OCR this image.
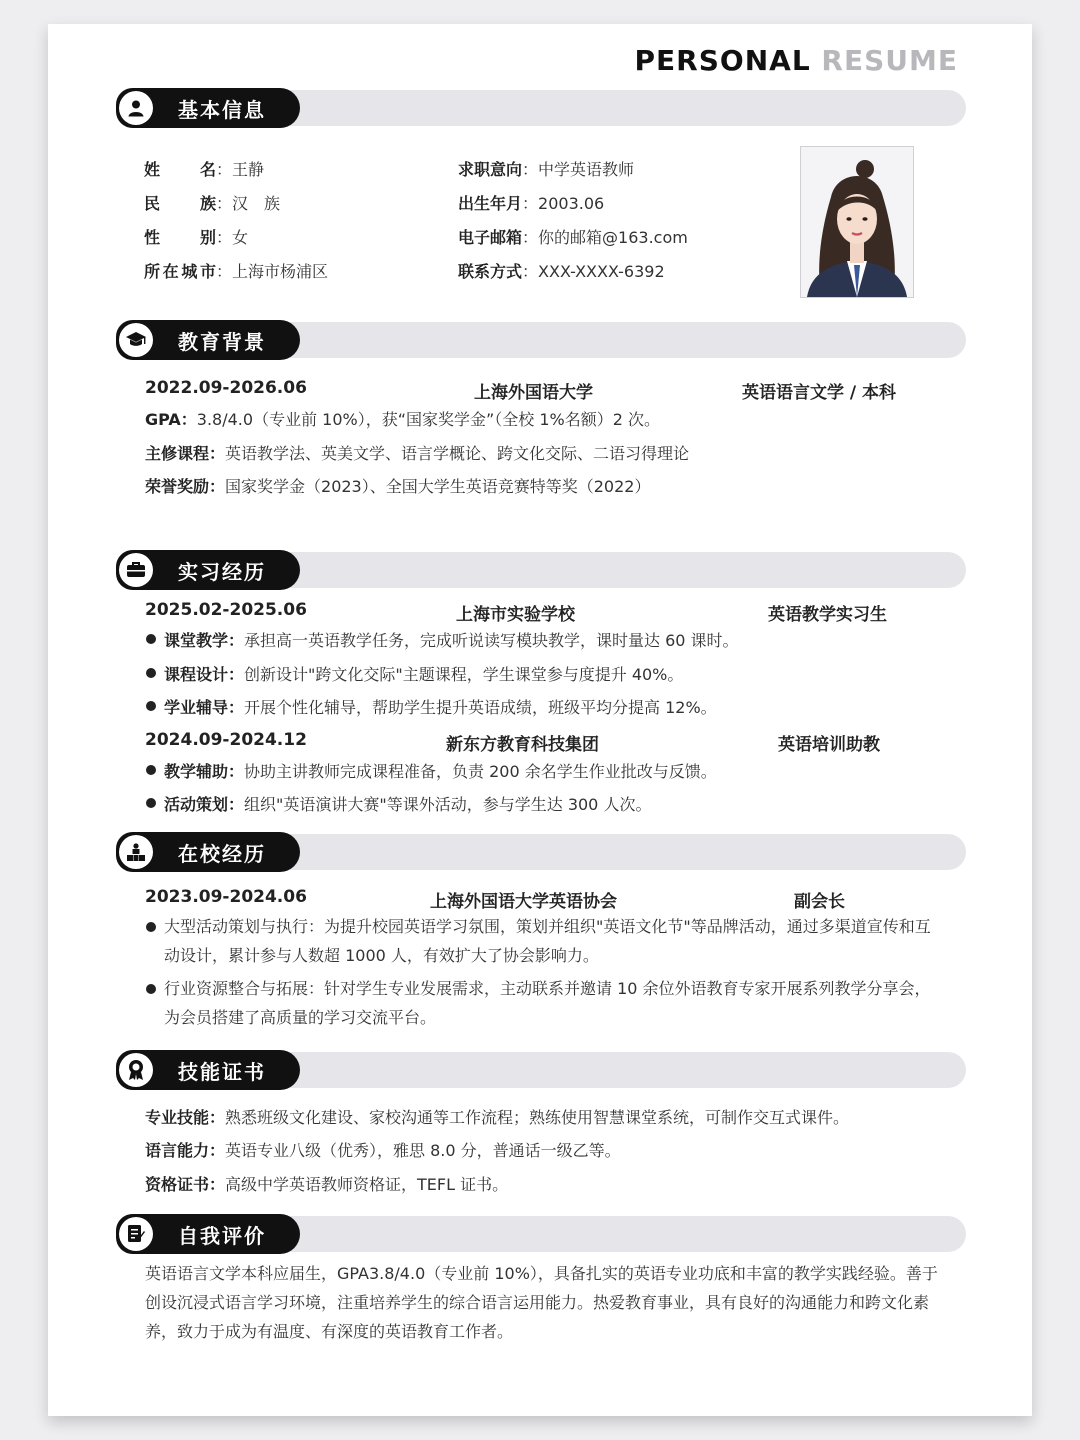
PERSONAL RESUME
基本信息
姓　名：王静
民　族：汉　族
性　别：女
所在城市：上海市杨浦区
求职意向：中学英语教师
出生年月：2003.06
电子邮箱：你的邮箱@163.com
联系方式：XXX-XXXX-6392
教育背景
2022.09-2026.06	上海外国语大学	英语语言文学 / 本科
GPA：3.8/4.0（专业前 10%），获“国家奖学金”（全校 1%名额）2 次。
主修课程：英语教学法、英美文学、语言学概论、跨文化交际、二语习得理论
荣誉奖励：国家奖学金（2023）、全国大学生英语竞赛特等奖（2022）
实习经历
2025.02-2025.06	上海市实验学校	英语教学实习生
课堂教学：承担高一英语教学任务，完成听说读写模块教学，课时量达 60 课时。
课程设计：创新设计"跨文化交际"主题课程，学生课堂参与度提升 40%。
学业辅导：开展个性化辅导，帮助学生提升英语成绩，班级平均分提高 12%。
2024.09-2024.12	新东方教育科技集团	英语培训助教
教学辅助：协助主讲教师完成课程准备，负责 200 余名学生作业批改与反馈。
活动策划：组织"英语演讲大赛"等课外活动，参与学生达 300 人次。
在校经历
2023.09-2024.06	上海外国语大学英语协会	副会长
大型活动策划与执行：为提升校园英语学习氛围，策划并组织"英语文化节"等品牌活动，通过多渠道宣传和互
动设计，累计参与人数超 1000 人，有效扩大了协会影响力。
行业资源整合与拓展：针对学生专业发展需求，主动联系并邀请 10 余位外语教育专家开展系列教学分享会，
为会员搭建了高质量的学习交流平台。
技能证书
专业技能：熟悉班级文化建设、家校沟通等工作流程；熟练使用智慧课堂系统，可制作交互式课件。
语言能力：英语专业八级（优秀），雅思 8.0 分，普通话一级乙等。
资格证书：高级中学英语教师资格证，TEFL 证书。
自我评价
英语语言文学本科应届生，GPA3.8/4.0（专业前 10%），具备扎实的英语专业功底和丰富的教学实践经验。善于
创设沉浸式语言学习环境，注重培养学生的综合语言运用能力。热爱教育事业，具有良好的沟通能力和跨文化素
养，致力于成为有温度、有深度的英语教育工作者。
